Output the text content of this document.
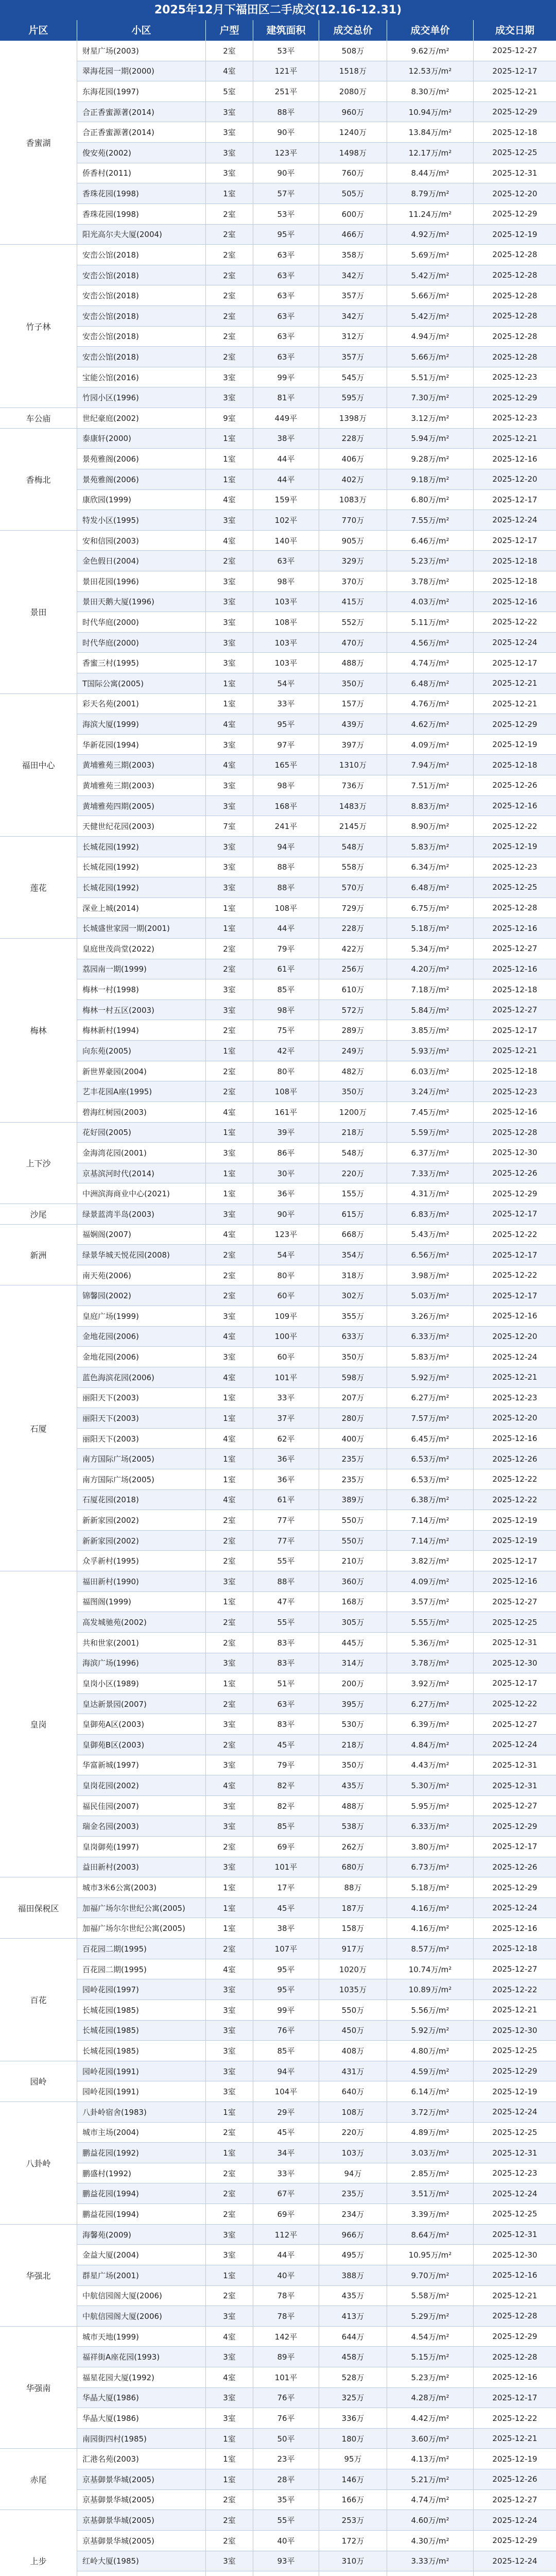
2025年12月下福田区二手成交(12.16-12.31)
片区	小区	户型	建筑面积	成交总价	成交单价	成交日期
香蜜湖
财星广场(2003)	2室	53平	508万	9.62万/m²	2025-12-27
翠海花园一期(2000)	4室	121平	1518万	12.53万/m²	2025-12-17
东海花园(1997)	5室	251平	2080万	8.30万/m²	2025-12-21
合正香蜜源著(2014)	3室	88平	960万	10.94万/m²	2025-12-29
合正香蜜源著(2014)	3室	90平	1240万	13.84万/m²	2025-12-18
俊安苑(2002)	3室	123平	1498万	12.17万/m²	2025-12-25
侨香村(2011)	3室	90平	760万	8.44万/m²	2025-12-31
香珠花园(1998)	1室	57平	505万	8.79万/m²	2025-12-20
香珠花园(1998)	2室	53平	600万	11.24万/m²	2025-12-29
阳光高尔夫大厦(2004)	2室	95平	466万	4.92万/m²	2025-12-19
竹子林
安峦公馆(2018)	2室	63平	358万	5.69万/m²	2025-12-28
安峦公馆(2018)	2室	63平	342万	5.42万/m²	2025-12-28
安峦公馆(2018)	2室	63平	357万	5.66万/m²	2025-12-28
安峦公馆(2018)	2室	63平	342万	5.42万/m²	2025-12-28
安峦公馆(2018)	2室	63平	312万	4.94万/m²	2025-12-28
安峦公馆(2018)	2室	63平	357万	5.66万/m²	2025-12-28
宝能公馆(2016)	3室	99平	545万	5.51万/m²	2025-12-23
竹园小区(1996)	3室	81平	595万	7.30万/m²	2025-12-29
车公庙	世纪豪庭(2002)	9室	449平	1398万	3.12万/m²	2025-12-23
香梅北
泰康轩(2000)	1室	38平	228万	5.94万/m²	2025-12-21
景苑雅阁(2006)	1室	44平	406万	9.28万/m²	2025-12-16
景苑雅阁(2006)	1室	44平	402万	9.18万/m²	2025-12-20
康欣园(1999)	4室	159平	1083万	6.80万/m²	2025-12-17
特发小区(1995)	3室	102平	770万	7.55万/m²	2025-12-24
景田
安和信园(2003)	4室	140平	905万	6.46万/m²	2025-12-17
金色假日(2004)	2室	63平	329万	5.23万/m²	2025-12-18
景田花园(1996)	3室	98平	370万	3.78万/m²	2025-12-18
景田天鹅大厦(1996)	3室	103平	415万	4.03万/m²	2025-12-16
时代华庭(2000)	3室	108平	552万	5.11万/m²	2025-12-22
时代华庭(2000)	3室	103平	470万	4.56万/m²	2025-12-24
香蜜三村(1995)	3室	103平	488万	4.74万/m²	2025-12-17
T国际公寓(2005)	1室	54平	350万	6.48万/m²	2025-12-21
福田中心
彩天名苑(2001)	1室	33平	157万	4.76万/m²	2025-12-21
海滨大厦(1999)	4室	95平	439万	4.62万/m²	2025-12-29
华新花园(1994)	3室	97平	397万	4.09万/m²	2025-12-19
黄埔雅苑三期(2003)	4室	165平	1310万	7.94万/m²	2025-12-18
黄埔雅苑三期(2003)	3室	98平	736万	7.51万/m²	2025-12-26
黄埔雅苑四期(2005)	3室	168平	1483万	8.83万/m²	2025-12-16
天健世纪花园(2003)	7室	241平	2145万	8.90万/m²	2025-12-22
莲花
长城花园(1992)	3室	94平	548万	5.83万/m²	2025-12-19
长城花园(1992)	3室	88平	558万	6.34万/m²	2025-12-23
长城花园(1992)	3室	88平	570万	6.48万/m²	2025-12-25
深业上城(2014)	1室	108平	729万	6.75万/m²	2025-12-28
长城盛世家园一期(2001)	1室	44平	228万	5.18万/m²	2025-12-16
梅林
皇庭世茂尚堂(2022)	2室	79平	422万	5.34万/m²	2025-12-27
荔园南一期(1999)	2室	61平	256万	4.20万/m²	2025-12-16
梅林一村(1998)	3室	85平	610万	7.18万/m²	2025-12-18
梅林一村五区(2003)	3室	98平	572万	5.84万/m²	2025-12-27
梅林新村(1994)	2室	75平	289万	3.85万/m²	2025-12-17
向东苑(2005)	1室	42平	249万	5.93万/m²	2025-12-21
新世界豪园(2004)	2室	80平	482万	6.03万/m²	2025-12-18
艺丰花园A座(1995)	2室	108平	350万	3.24万/m²	2025-12-23
碧海红树园(2003)	4室	161平	1200万	7.45万/m²	2025-12-16
上下沙
花好园(2005)	1室	39平	218万	5.59万/m²	2025-12-28
金海湾花园(2001)	3室	86平	548万	6.37万/m²	2025-12-30
京基滨河时代(2014)	1室	30平	220万	7.33万/m²	2025-12-26
中洲滨海商业中心(2021)	1室	36平	155万	4.31万/m²	2025-12-29
沙尾	绿景蓝湾半岛(2003)	3室	90平	615万	6.83万/m²	2025-12-17
新洲
福娴阁(2007)	4室	123平	668万	5.43万/m²	2025-12-22
绿景华城天悦花园(2008)	2室	54平	354万	6.56万/m²	2025-12-17
南天苑(2006)	2室	80平	318万	3.98万/m²	2025-12-22
石厦
锦馨园(2002)	2室	60平	302万	5.03万/m²	2025-12-17
皇庭广场(1999)	3室	109平	355万	3.26万/m²	2025-12-16
金地花园(2006)	4室	100平	633万	6.33万/m²	2025-12-20
金地花园(2006)	3室	60平	350万	5.83万/m²	2025-12-24
蓝色海滨花园(2006)	4室	101平	598万	5.92万/m²	2025-12-21
丽阳天下(2003)	1室	33平	207万	6.27万/m²	2025-12-23
丽阳天下(2003)	1室	37平	280万	7.57万/m²	2025-12-20
丽阳天下(2003)	4室	62平	400万	6.45万/m²	2025-12-16
南方国际广场(2005)	1室	36平	235万	6.53万/m²	2025-12-26
南方国际广场(2005)	1室	36平	235万	6.53万/m²	2025-12-22
石厦花园(2018)	4室	61平	389万	6.38万/m²	2025-12-22
新新家园(2002)	2室	77平	550万	7.14万/m²	2025-12-19
新新家园(2002)	2室	77平	550万	7.14万/m²	2025-12-19
众孚新村(1995)	2室	55平	210万	3.82万/m²	2025-12-17
皇岗
福田新村(1990)	3室	88平	360万	4.09万/m²	2025-12-16
福图阁(1999)	1室	47平	168万	3.57万/m²	2025-12-27
高发城驰苑(2002)	2室	55平	305万	5.55万/m²	2025-12-25
共和世家(2001)	2室	83平	445万	5.36万/m²	2025-12-31
海滨广场(1996)	3室	83平	314万	3.78万/m²	2025-12-30
皇岗小区(1989)	1室	51平	200万	3.92万/m²	2025-12-17
皇达新景园(2007)	2室	63平	395万	6.27万/m²	2025-12-22
皇御苑A区(2003)	3室	83平	530万	6.39万/m²	2025-12-27
皇御苑B区(2003)	2室	45平	218万	4.84万/m²	2025-12-24
华富新城(1997)	3室	79平	350万	4.43万/m²	2025-12-31
皇岗花园(2002)	4室	82平	435万	5.30万/m²	2025-12-31
福民佳园(2007)	3室	82平	488万	5.95万/m²	2025-12-27
瑞金名园(2003)	3室	85平	538万	6.33万/m²	2025-12-29
皇岗御苑(1997)	2室	69平	262万	3.80万/m²	2025-12-17
益田新村(2003)	3室	101平	680万	6.73万/m²	2025-12-26
福田保税区
城市3米6公寓(2003)	1室	17平	88万	5.18万/m²	2025-12-29
加福广场尔尔世纪公寓(2005)	1室	45平	187万	4.16万/m²	2025-12-24
加福广场尔尔世纪公寓(2005)	1室	38平	158万	4.16万/m²	2025-12-16
百花
百花园二期(1995)	2室	107平	917万	8.57万/m²	2025-12-18
百花园二期(1995)	4室	95平	1020万	10.74万/m²	2025-12-27
园岭花园(1997)	3室	95平	1035万	10.89万/m²	2025-12-22
长城花园(1985)	3室	99平	550万	5.56万/m²	2025-12-21
长城花园(1985)	3室	76平	450万	5.92万/m²	2025-12-30
长城花园(1985)	3室	85平	408万	4.80万/m²	2025-12-25
园岭
园岭花园(1991)	3室	94平	431万	4.59万/m²	2025-12-29
园岭花园(1991)	3室	104平	640万	6.14万/m²	2025-12-19
八卦岭
八卦岭宿舍(1983)	1室	29平	108万	3.72万/m²	2025-12-24
城市主场(2004)	2室	45平	220万	4.89万/m²	2025-12-25
鹏益花园(1992)	1室	34平	103万	3.03万/m²	2025-12-31
鹏盛村(1992)	2室	33平	94万	2.85万/m²	2025-12-23
鹏益花园(1994)	2室	67平	235万	3.51万/m²	2025-12-24
鹏益花园(1994)	2室	69平	234万	3.39万/m²	2025-12-25
华强北
海馨苑(2009)	3室	112平	966万	8.64万/m²	2025-12-31
金益大厦(2004)	3室	44平	495万	10.95万/m²	2025-12-30
群星广场(2001)	1室	40平	388万	9.70万/m²	2025-12-16
中航信园阁大厦(2006)	2室	78平	435万	5.58万/m²	2025-12-21
中航信园阁大厦(2006)	3室	78平	413万	5.29万/m²	2025-12-28
华强南
城市天地(1999)	4室	142平	644万	4.54万/m²	2025-12-29
福祥街A座花园(1993)	3室	89平	458万	5.15万/m²	2025-12-28
福星花园大厦(1992)	4室	101平	528万	5.23万/m²	2025-12-16
华晶大厦(1986)	3室	76平	325万	4.28万/m²	2025-12-17
华晶大厦(1986)	3室	76平	336万	4.42万/m²	2025-12-22
南园街四村(1985)	1室	50平	180万	3.60万/m²	2025-12-21
赤尾
汇港名苑(2003)	1室	23平	95万	4.13万/m²	2025-12-19
京基御景华城(2005)	1室	28平	146万	5.21万/m²	2025-12-26
京基御景华城(2005)	2室	35平	166万	4.74万/m²	2025-12-27
上步
京基御景华城(2005)	2室	55平	253万	4.60万/m²	2025-12-24
京基御景华城(2005)	2室	40平	172万	4.30万/m²	2025-12-29
红岭大厦(1985)	3室	93平	310万	3.33万/m²	2025-12-24
